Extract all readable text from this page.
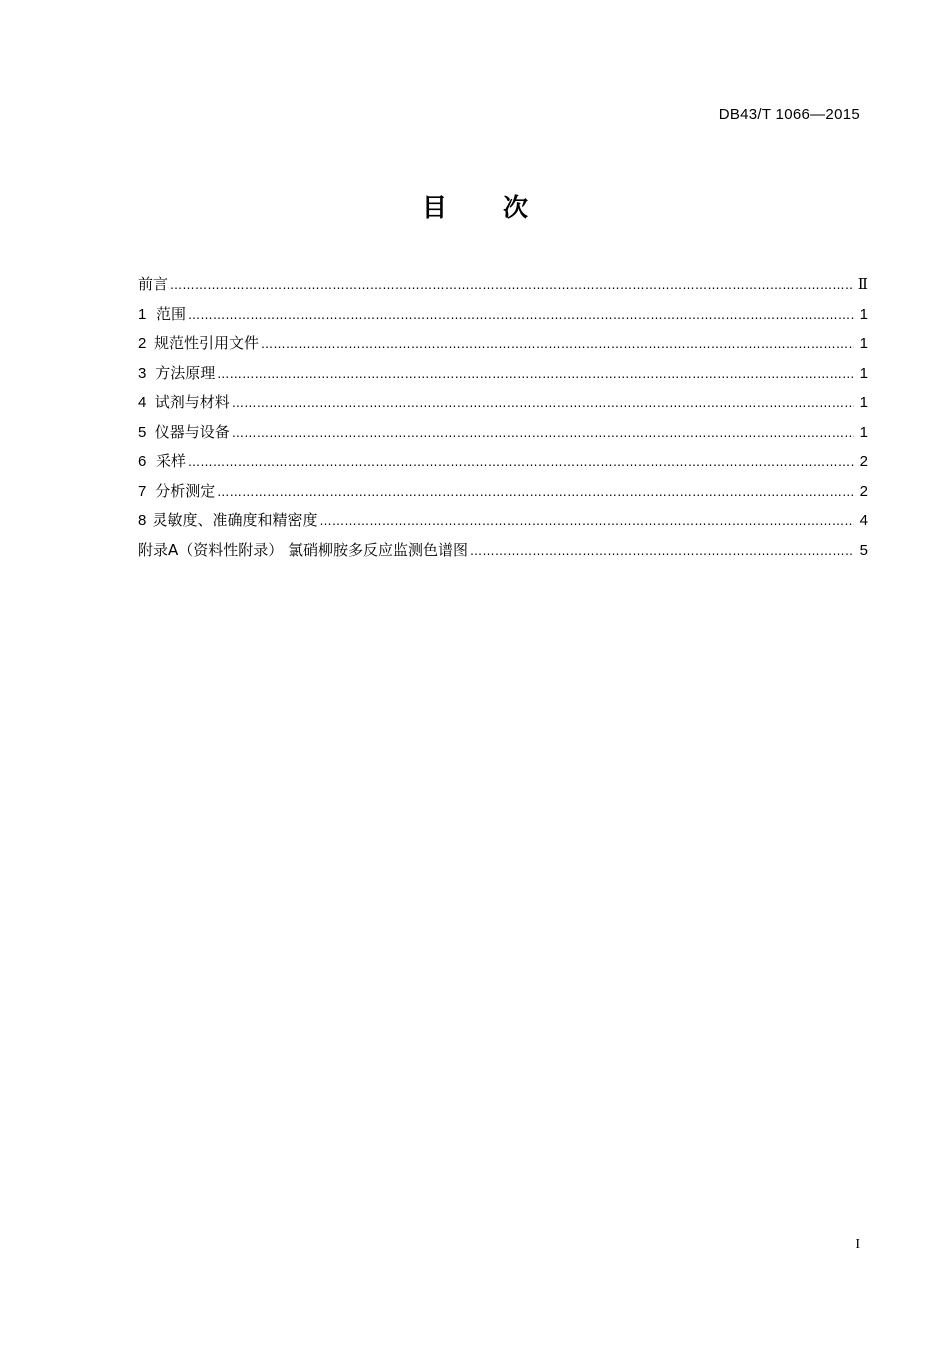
DB43/T 1066—2015
目 次
前言 ……………………………………………………………………………………………………………………………………………………………………………………………………………………	Ⅱ
1 范围 ……………………………………………………………………………………………………………………………………………………………………………………………………………………	1
2 规范性引用文件 ……………………………………………………………………………………………………………………………………………………………………………………………………………………	1
3 方法原理 ……………………………………………………………………………………………………………………………………………………………………………………………………………………	1
4 试剂与材料 ……………………………………………………………………………………………………………………………………………………………………………………………………………………	1
5 仪器与设备 ……………………………………………………………………………………………………………………………………………………………………………………………………………………	1
6 采样 ……………………………………………………………………………………………………………………………………………………………………………………………………………………	2
7 分析测定 ……………………………………………………………………………………………………………………………………………………………………………………………………………………	2
8 灵敏度、准确度和精密度 ……………………………………………………………………………………………………………………………………………………………………………………………………………………	4
附录A（资料性附录） 氯硝柳胺多反应监测色谱图 ……………………………………………………………………………………………………………………………………………………………………………………………………………………	5
I
